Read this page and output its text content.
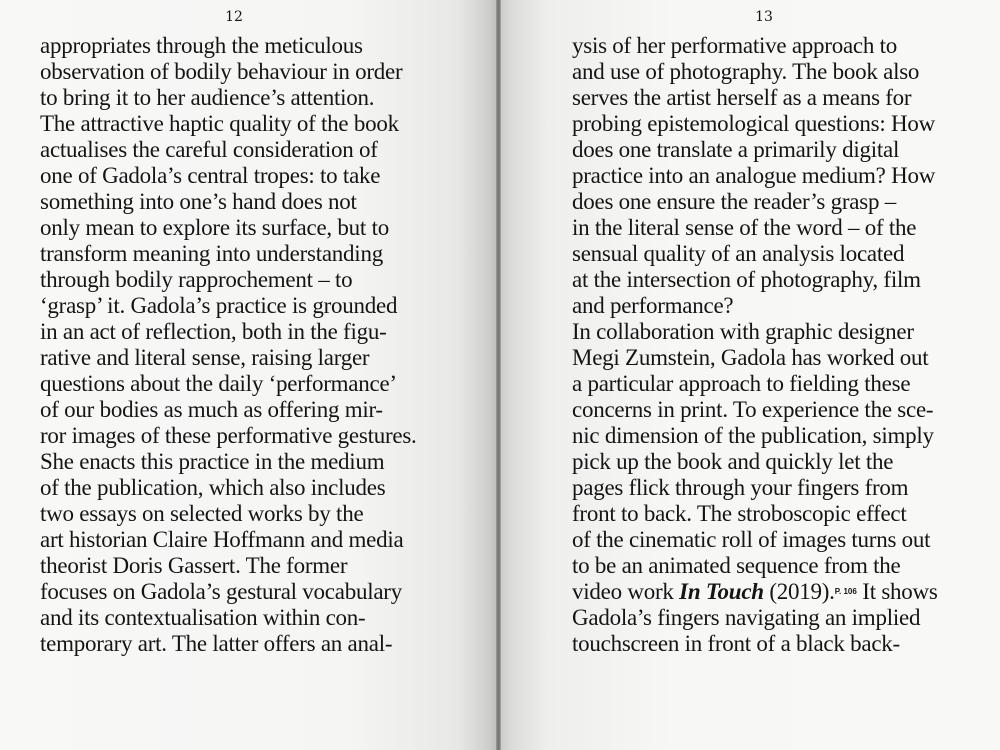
12

appropriates through the meticulous
observation of bodily behaviour in order
to bring it to her audience’s attention.
The attractive haptic quality of the book
actualises the careful consideration of
one of Gadola’s central tropes: to take
something into one’s hand does not
only mean to explore its surface, but to
transform meaning into understanding
through bodily rapprochement – to
‘grasp’ it. Gadola’s practice is grounded
in an act of reflection, both in the figu-
rative and literal sense, raising larger
questions about the daily ‘performance’
of our bodies as much as offering mir-
ror images of these performative gestures.
She enacts this practice in the medium
of the publication, which also includes
two essays on selected works by the
art historian Claire Hoffmann and media
theorist Doris Gassert. The former
focuses on Gadola’s gestural vocabulary
and its contextualisation within con-
temporary art. The latter offers an anal-

13

ysis of her performative approach to
and use of photography. The book also
serves the artist herself as a means for
probing epistemological questions: How
does one translate a primarily digital
practice into an analogue medium? How
does one ensure the reader’s grasp –
in the literal sense of the word – of the
sensual quality of an analysis located
at the intersection of photography, film
and performance?
In collaboration with graphic designer
Megi Zumstein, Gadola has worked out
a particular approach to fielding these
concerns in print. To experience the sce-
nic dimension of the publication, simply
pick up the book and quickly let the
pages flick through your fingers from
front to back. The stroboscopic effect
of the cinematic roll of images turns out
to be an animated sequence from the
video work In Touch (2019).$^{P. 106}$ It shows
Gadola’s fingers navigating an implied
touchscreen in front of a black back-
